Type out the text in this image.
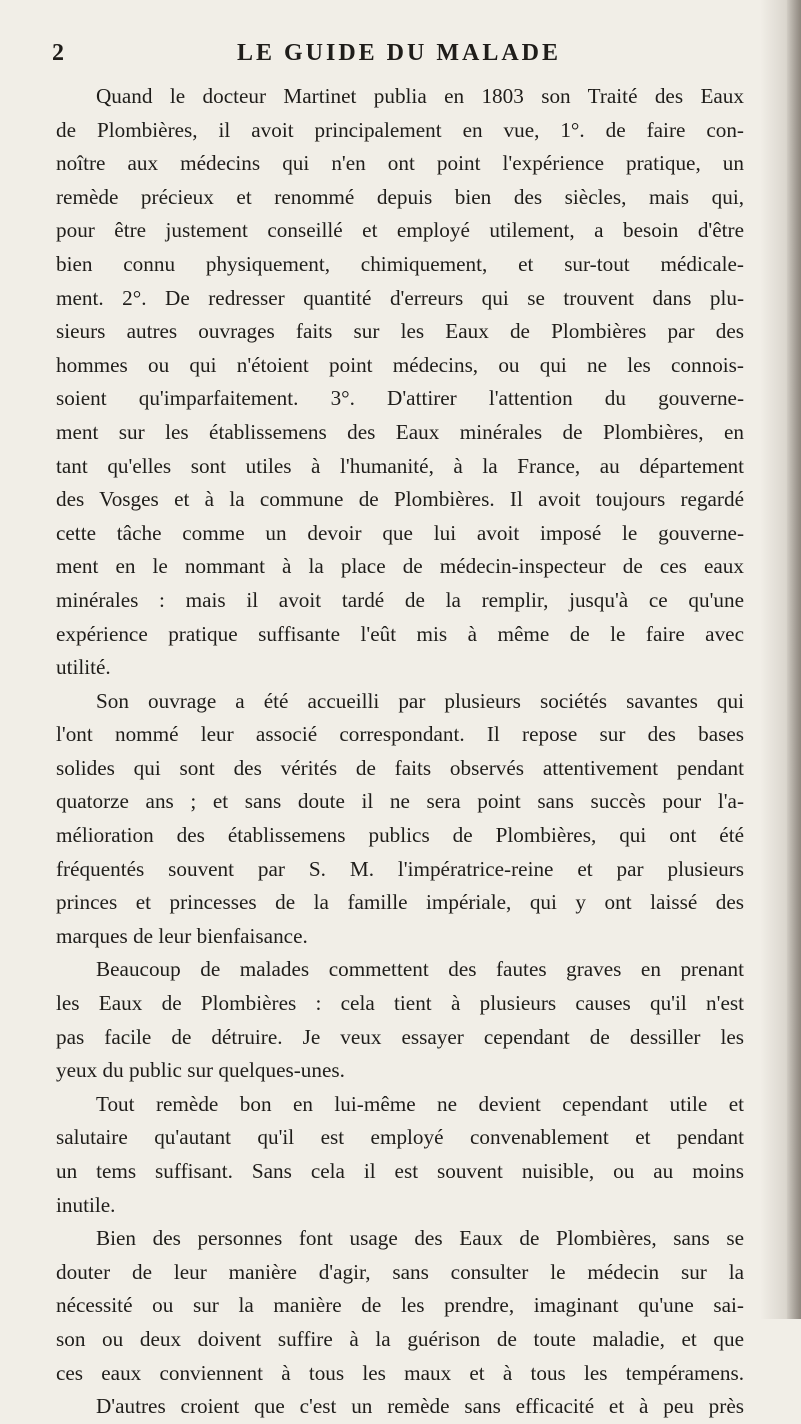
2	LE GUIDE DU MALADE
Quand le docteur Martinet publia en 1803 son Traité des Eaux
de Plombières, il avoit principalement en vue, 1°. de faire con-
noître aux médecins qui n'en ont point l'expérience pratique, un
remède précieux et renommé depuis bien des siècles, mais qui,
pour être justement conseillé et employé utilement, a besoin d'être
bien connu physiquement, chimiquement, et sur-tout médicale-
ment. 2°. De redresser quantité d'erreurs qui se trouvent dans plu-
sieurs autres ouvrages faits sur les Eaux de Plombières par des
hommes ou qui n'étoient point médecins, ou qui ne les connois-
soient qu'imparfaitement. 3°. D'attirer l'attention du gouverne-
ment sur les établissemens des Eaux minérales de Plombières, en
tant qu'elles sont utiles à l'humanité, à la France, au département
des Vosges et à la commune de Plombières. Il avoit toujours regardé
cette tâche comme un devoir que lui avoit imposé le gouverne-
ment en le nommant à la place de médecin-inspecteur de ces eaux
minérales : mais il avoit tardé de la remplir, jusqu'à ce qu'une
expérience pratique suffisante l'eût mis à même de le faire avec
utilité.
Son ouvrage a été accueilli par plusieurs sociétés savantes qui
l'ont nommé leur associé correspondant. Il repose sur des bases
solides qui sont des vérités de faits observés attentivement pendant
quatorze ans ; et sans doute il ne sera point sans succès pour l'a-
mélioration des établissemens publics de Plombières, qui ont été
fréquentés souvent par S. M. l'impératrice-reine et par plusieurs
princes et princesses de la famille impériale, qui y ont laissé des
marques de leur bienfaisance.
Beaucoup de malades commettent des fautes graves en prenant
les Eaux de Plombières : cela tient à plusieurs causes qu'il n'est
pas facile de détruire. Je veux essayer cependant de dessiller les
yeux du public sur quelques-unes.
Tout remède bon en lui-même ne devient cependant utile et
salutaire qu'autant qu'il est employé convenablement et pendant
un tems suffisant. Sans cela il est souvent nuisible, ou au moins
inutile.
Bien des personnes font usage des Eaux de Plombières, sans se
douter de leur manière d'agir, sans consulter le médecin sur la
nécessité ou sur la manière de les prendre, imaginant qu'une sai-
son ou deux doivent suffire à la guérison de toute maladie, et que
ces eaux conviennent à tous les maux et à tous les tempéramens.
D'autres croient que c'est un remède sans efficacité et à peu près
